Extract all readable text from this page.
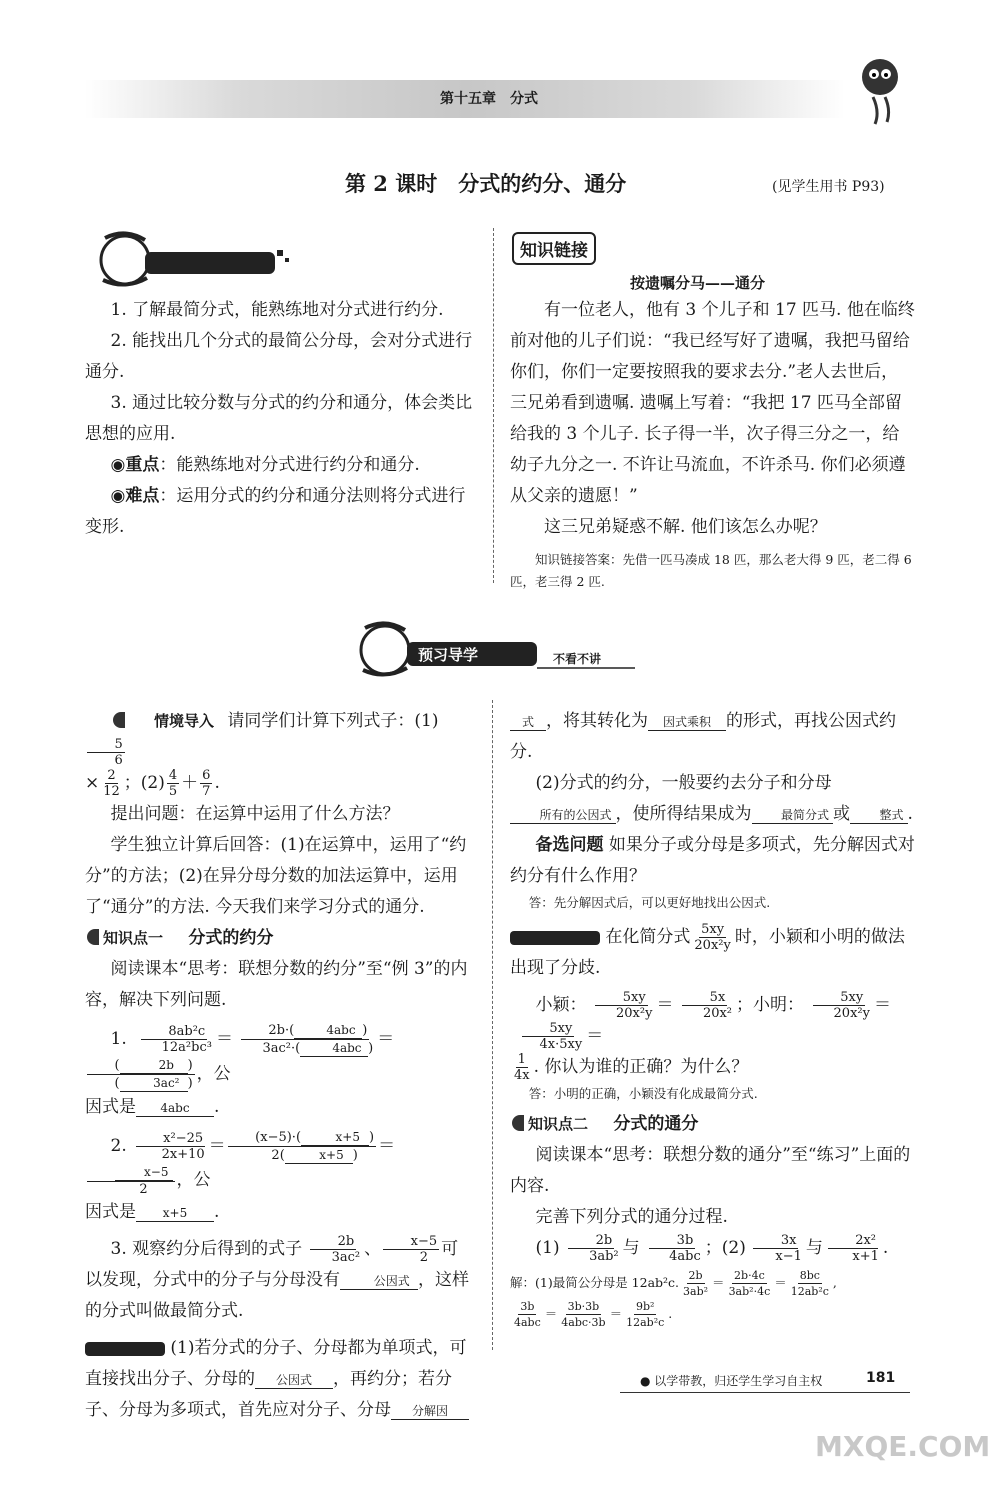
第十五章　分式
第 2 课时　分式的约分、通分	(见学生用书 P93)
1. 了解最简分式，能熟练地对分式进行约分.
2. 能找出几个分式的最简公分母，会对分式进行通分.
3. 通过比较分数与分式的约分和通分，体会类比思想的应用.
◉重点：能熟练地对分式进行约分和通分.
◉难点：运用分式的约分和通分法则将分式进行变形.
知识链接
按遗嘱分马——通分
有一位老人，他有 3 个儿子和 17 匹马. 他在临终前对他的儿子们说：“我已经写好了遗嘱，我把马留给你们，你们一定要按照我的要求去分.”老人去世后，三兄弟看到遗嘱. 遗嘱上写着：“我把 17 匹马全部留给我的 3 个儿子. 长子得一半，次子得三分之一，给幼子九分之一. 不许让马流血，不许杀马. 你们必须遵从父亲的遗愿！”
这三兄弟疑惑不解. 他们该怎么办呢？
知识链接答案：先借一匹马凑成 18 匹，那么老大得 9 匹，老二得 6 匹，老三得 2 匹.
预习导学	不看不讲
情境导入 请同学们计算下列式子：(1)
$\frac{5}{6}$
× $\frac{2}{12}$ ；$(2) \frac{4}{5} + \frac{6}{7}$ .
提出问题：在运算中运用了什么方法？
学生独立计算后回答：(1)在运算中，运用了“约分”的方法；(2)在异分母分数的加法运算中，运用了“通分”的方法. 今天我们来学习分式的通分.
知识点一 分式的约分
阅读课本“思考：联想分数的约分”至“例 3”的内容，解决下列问题.
1. $\frac{\text{8ab²c}}{\text{12a²bc³}} = 2b\cdot$(	4abc )
3ac²·(	4abc ) ＝
(	2b )
(	3ac² ) ，公
因式是 4abc .
2. $\frac{\text{x²−25}}{2x+10} = (x-5)\cdot$(	x+5 )
2(	x+5 ) ＝
$\frac{x-5}{2}$ ，公
因式是 x+5 .
3. 观察约分后得到的式子 $\frac{2b}{\text{3ac²}}$ 、 $\frac{x-5}{2}$ 可以发现，分式中的分子与分母没有	公因式 ，这样的分式叫做最简分式.
(1)若分式的分子、分母都为单项式，可直接找出分子、分母的 公因式 ，再约分；若分子、分母为多项式，首先应对分子、分母 分解因
式 ，将其转化为 因式乘积 的形式，再找公因式约分.
(2)分式的约分，一般要约去分子和分母所有的公因式 ，使所得结果成为 最简分式 或 整式 .
备选问题 如果分子或分母是多项式，先分解因式对约分有什么作用？
答：先分解因式后，可以更好地找出公因式.
在化简分式 $\frac{5xy}{\text{20x²y}}$ 时，小颖和小明的做法出现了分歧.
小颖： $\frac{5xy}{\text{20x²y}} = \frac{5x}{\text{20x²}}$ ；小明： $\frac{5xy}{\text{20x²y}}$ ＝
$\frac{5xy}{4x\cdot 5xy}$ ＝
$\frac{1}{4x}$ . 你认为谁的正确？为什么？
答：小明的正确，小颖没有化成最简分式.
知识点二 分式的通分
阅读课本“思考：联想分数的通分”至“练习”上面的内容.
完善下列分式的通分过程.
$(1) \frac{2b}{\text{3ab²}}$ 与 $\frac{3b}{\text{4abc}}$ ；$(2) \frac{3x}{x-1}$ 与 $\frac{\text{2x²}}{x+1}$ .
解：(1)最简公分母是 12ab²c. $\frac{2b}{\text{3ab²}} = \frac{2b\cdot 4c}{\text{3ab²·4c}} = \frac{8bc}{\text{12ab²c}}$ ,
$\frac{3b}{\text{4abc}} = \frac{3b\cdot 3b}{\text{4abc·3b}} = \frac{\text{9b²}}{\text{12ab²c}}$ .
● 以学带教，归还学生学习自主权	181
MXQE.COM
